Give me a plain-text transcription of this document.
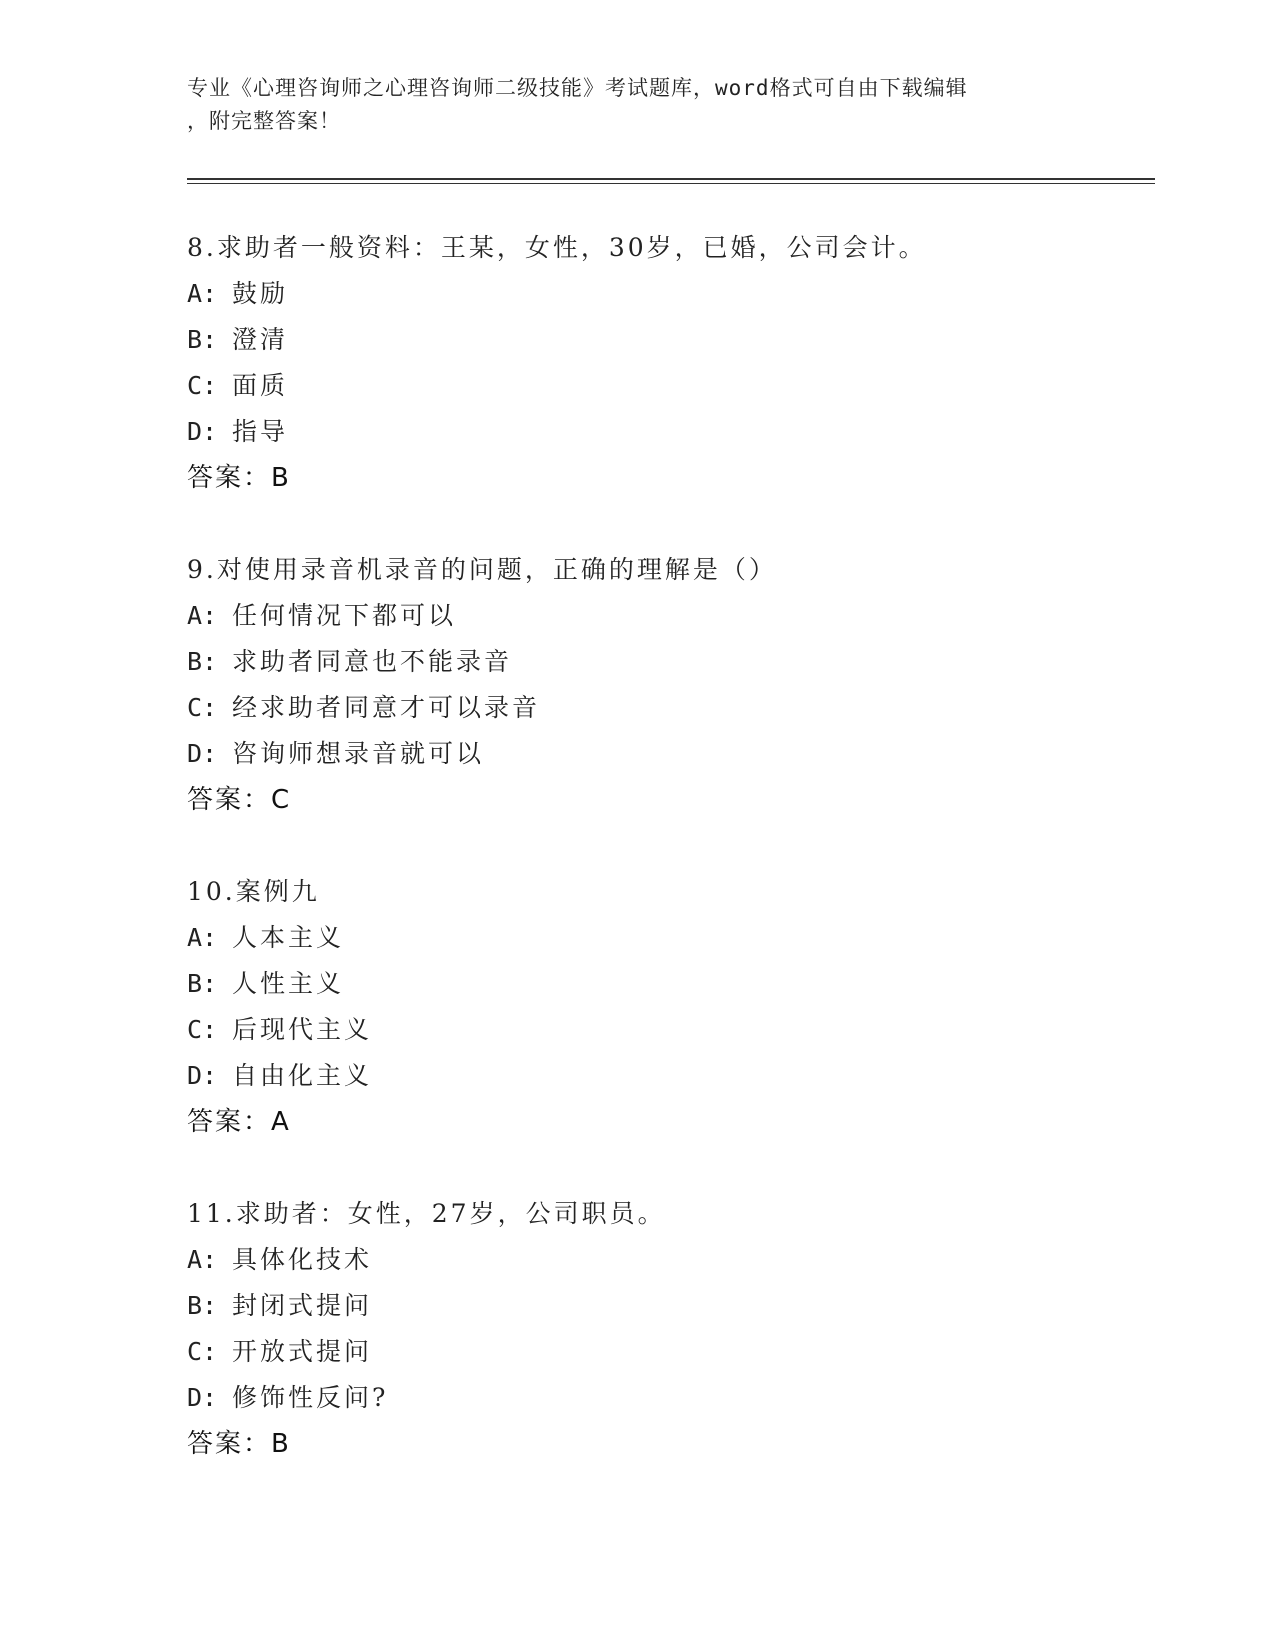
专业《心理咨询师之心理咨询师二级技能》考试题库，word格式可自由下载编辑
，附完整答案！
8.求助者一般资料：王某，女性，30岁，已婚，公司会计。
A: 鼓励
B: 澄清
C: 面质
D: 指导
答案：B
9.对使用录音机录音的问题，正确的理解是（）
A: 任何情况下都可以
B: 求助者同意也不能录音
C: 经求助者同意才可以录音
D: 咨询师想录音就可以
答案：C
10.案例九
A: 人本主义
B: 人性主义
C: 后现代主义
D: 自由化主义
答案：A
11.求助者：女性，27岁，公司职员。
A: 具体化技术
B: 封闭式提问
C: 开放式提问
D: 修饰性反问?
答案：B
